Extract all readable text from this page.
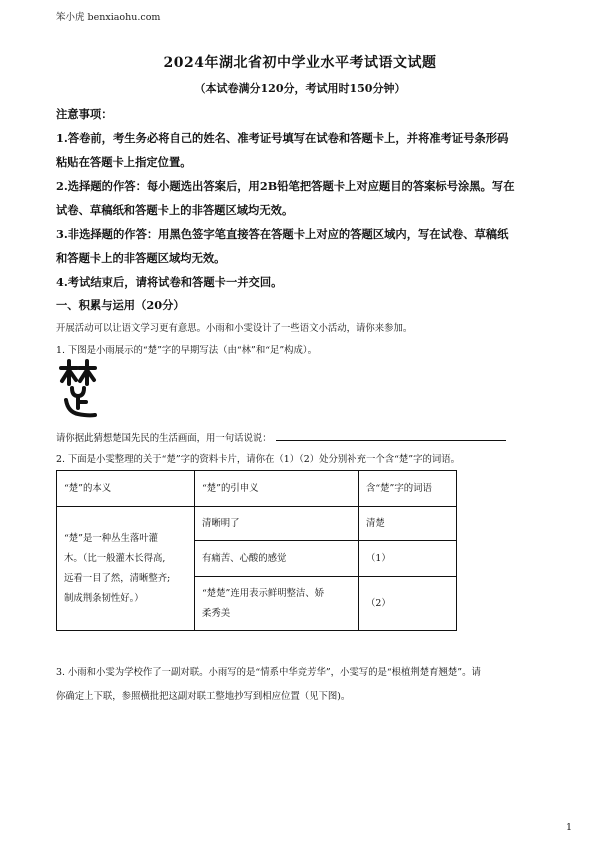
笨小虎 benxiaohu.com
2024年湖北省初中学业水平考试语文试题
（本试卷满分120分，考试用时150分钟）
注意事项：
1.答卷前，考生务必将自己的姓名、准考证号填写在试卷和答题卡上，并将准考证号条形码
粘贴在答题卡上指定位置。
2.选择题的作答：每小题选出答案后，用2B铅笔把答题卡上对应题目的答案标号涂黑。写在
试卷、草稿纸和答题卡上的非答题区域均无效。
3.非选择题的作答：用黑色签字笔直接答在答题卡上对应的答题区域内，写在试卷、草稿纸
和答题卡上的非答题区域均无效。
4.考试结束后，请将试卷和答题卡一并交回。
一、积累与运用（20分）
开展活动可以让语文学习更有意思。小雨和小雯设计了一些语文小活动，请你来参加。
1. 下图是小雨展示的“楚”字的早期写法（由“林”和“足”构成）。
请你据此猜想楚国先民的生活画面，用一句话说说：
2. 下面是小雯整理的关于“楚”字的资料卡片，请你在（1）（2）处分别补充一个含“楚”字的词语。
“楚”的本义	“楚”的引申义	含“楚”字的词语

“楚”是一种丛生落叶灌
木。（比一般灌木长得高,
远看一目了然，清晰整齐;
制成荆条韧性好。）	清晰明了	清楚
	有痛苦、心酸的感觉	（1）

	“楚楚”连用表示鲜明整洁、娇
柔秀美	（2）
3. 小雨和小雯为学校作了一副对联。小雨写的是“情系中华竞芳华”，小雯写的是“根植荆楚育翘楚”。请
你确定上下联，参照横批把这副对联工整地抄写到相应位置（见下图)。
1
